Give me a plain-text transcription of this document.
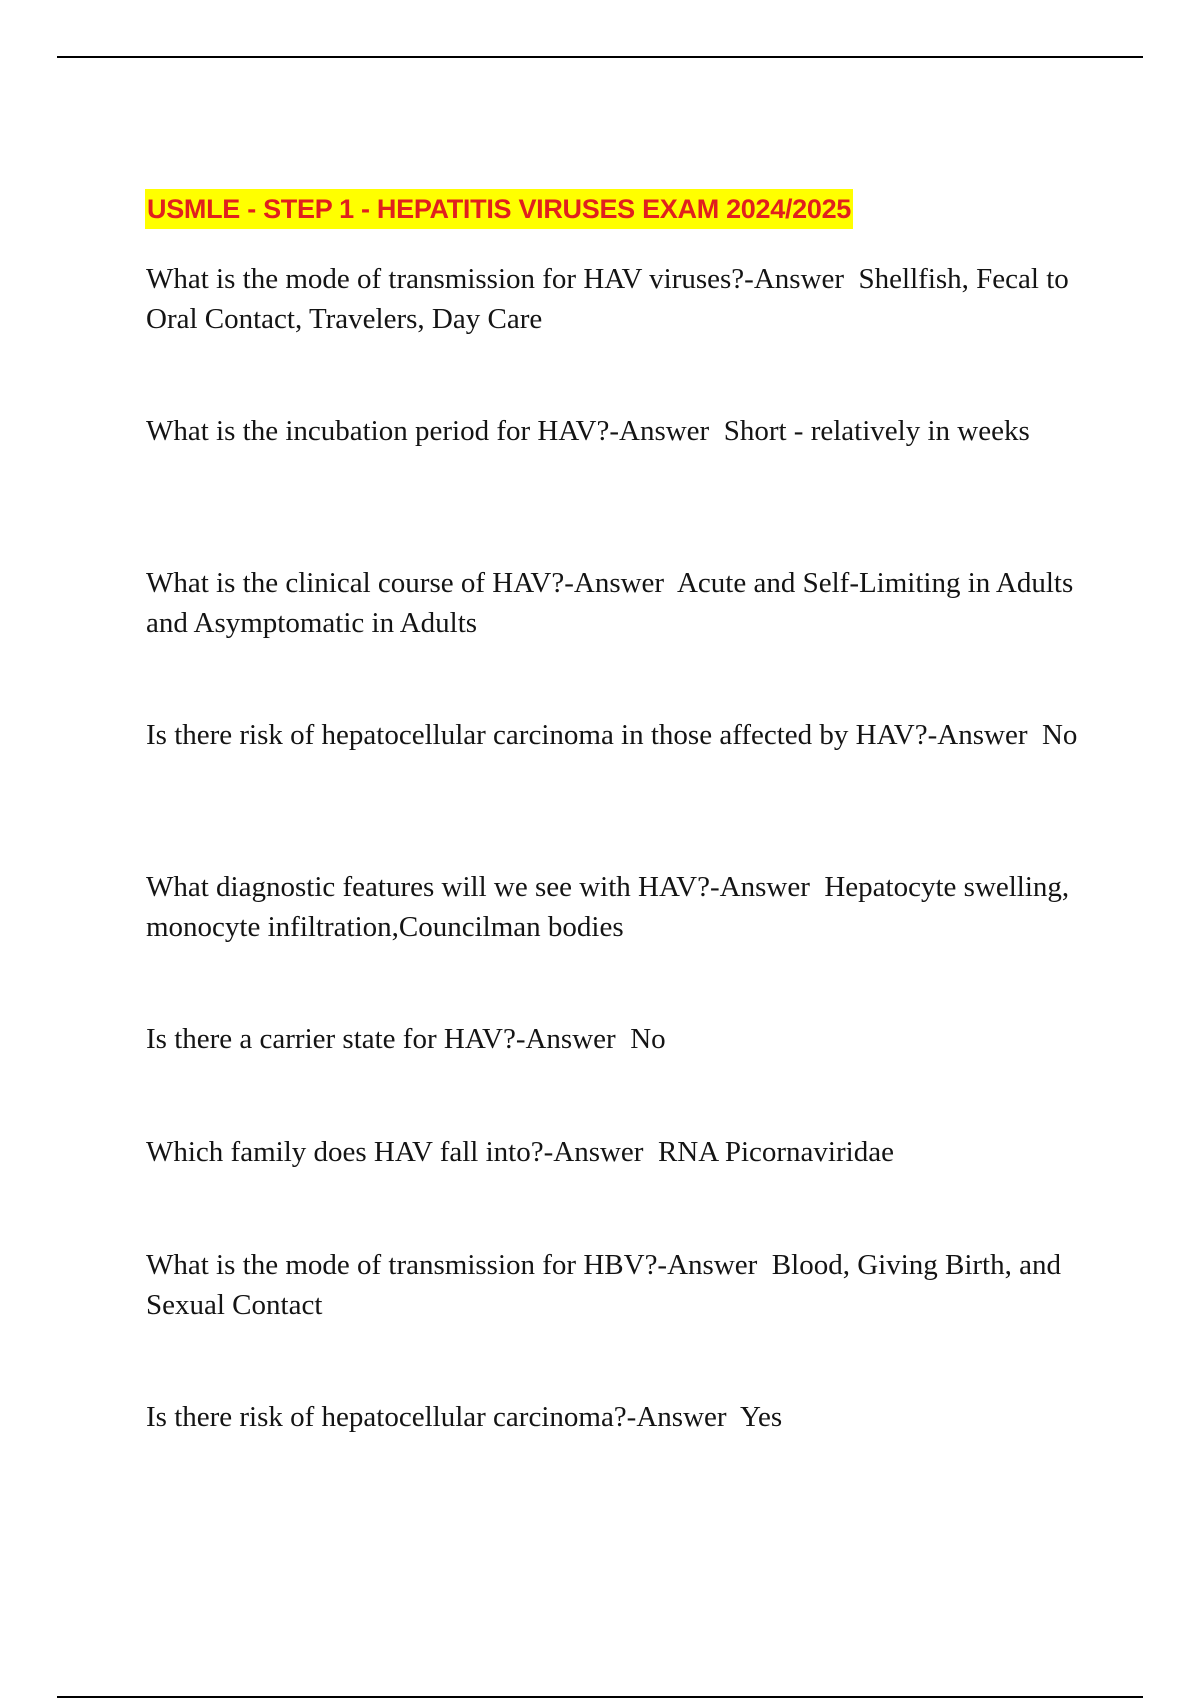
USMLE - STEP 1 - HEPATITIS VIRUSES EXAM 2024/2025
What is the mode of transmission for HAV viruses?-Answer Shellfish, Fecal to Oral Contact, Travelers, Day Care
What is the incubation period for HAV?-Answer Short - relatively in weeks
What is the clinical course of HAV?-Answer Acute and Self-Limiting in Adults and Asymptomatic in Adults
Is there risk of hepatocellular carcinoma in those affected by HAV?-Answer No
What diagnostic features will we see with HAV?-Answer Hepatocyte swelling, monocyte infiltration,Councilman bodies
Is there a carrier state for HAV?-Answer No
Which family does HAV fall into?-Answer RNA Picornaviridae
What is the mode of transmission for HBV?-Answer Blood, Giving Birth, and Sexual Contact
Is there risk of hepatocellular carcinoma?-Answer Yes
